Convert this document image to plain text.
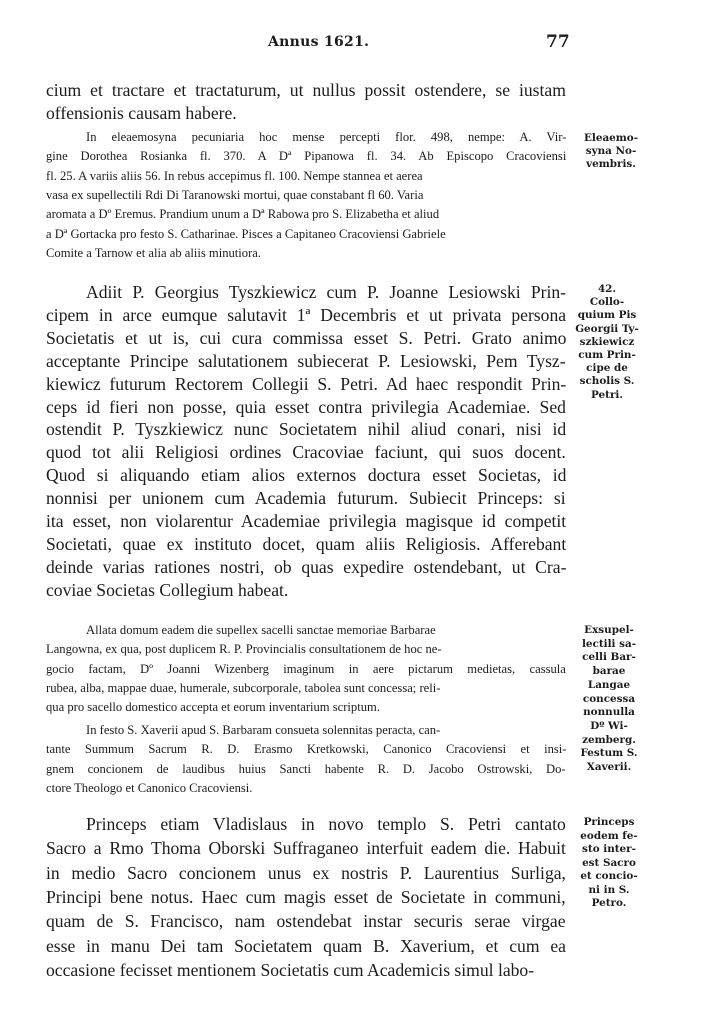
Annus 1621.	77
cium et tractare et tractaturum, ut nullus possit ostendere, se iustam
offensionis causam habere.
In eleaemosyna pecuniaria hoc mense percepti flor. 498, nempe: A. Vir-
gine Dorothea Rosianka fl. 370. A Dª Pipanowa fl. 34. Ab Episcopo Cracoviensi
fl. 25. A variis aliis 56. In rebus accepimus fl. 100. Nempe stannea et aerea
vasa ex supellectili Rdi Di Taranowski mortui, quae constabant fl 60. Varia
aromata a Dº Eremus. Prandium unum a Dª Rabowa pro S. Elizabetha et aliud
a Dª Gortacka pro festo S. Catharinae. Pisces a Capitaneo Cracoviensi Gabriele
Comite a Tarnow et alia ab aliis minutiora.
Adiit P. Georgius Tyszkiewicz cum P. Joanne Lesiowski Prin-
cipem in arce eumque salutavit 1ª Decembris et ut privata persona
Societatis et ut is, cui cura commissa esset S. Petri. Grato animo
acceptante Principe salutationem subiecerat P. Lesiowski, Pem Tysz-
kiewicz futurum Rectorem Collegii S. Petri. Ad haec respondit Prin-
ceps id fieri non posse, quia esset contra privilegia Academiae. Sed
ostendit P. Tyszkiewicz nunc Societatem nihil aliud conari, nisi id
quod tot alii Religiosi ordines Cracoviae faciunt, qui suos docent.
Quod si aliquando etiam alios externos doctura esset Societas, id
nonnisi per unionem cum Academia futurum. Subiecit Princeps: si
ita esset, non violarentur Academiae privilegia magisque id competit
Societati, quae ex instituto docet, quam aliis Religiosis. Afferebant
deinde varias rationes nostri, ob quas expedire ostendebant, ut Cra-
coviae Societas Collegium habeat.
Allata domum eadem die supellex sacelli sanctae memoriae Barbarae
Langowna, ex qua, post duplicem R. P. Provincialis consultationem de hoc ne-
gocio factam, Dº Joanni Wizenberg imaginum in aere pictarum medietas, cassula
rubea, alba, mappae duae, humerale, subcorporale, tabolea sunt concessa; reli-
qua pro sacello domestico accepta et eorum inventarium scriptum.
In festo S. Xaverii apud S. Barbaram consueta solennitas peracta, can-
tante Summum Sacrum R. D. Erasmo Kretkowski, Canonico Cracoviensi et insi-
gnem concionem de laudibus huius Sancti habente R. D. Jacobo Ostrowski, Do-
ctore Theologo et Canonico Cracoviensi.
Princeps etiam Vladislaus in novo templo S. Petri cantato
Sacro a Rmo Thoma Oborski Suffraganeo interfuit eadem die. Habuit
in medio Sacro concionem unus ex nostris P. Laurentius Surliga,
Principi bene notus. Haec cum magis esset de Societate in communi,
quam de S. Francisco, nam ostendebat instar securis serae virgae
esse in manu Dei tam Societatem quam B. Xaverium, et cum ea
occasione fecisset mentionem Societatis cum Academicis simul labo-
Eleaemo-
syna No-
vembris.
42.
Collo-
quium Pis
Georgii Ty-
szkiewicz
cum Prin-
cipe de
scholis S.
Petri.
Exsupel-
lectili sa-
celli Bar-
barae
Langae
concessa
nonnulla
Dº Wi-
zemberg.
Festum S.
Xaverii.
Princeps
eodem fe-
sto inter-
est Sacro
et concio-
ni in S.
Petro.
